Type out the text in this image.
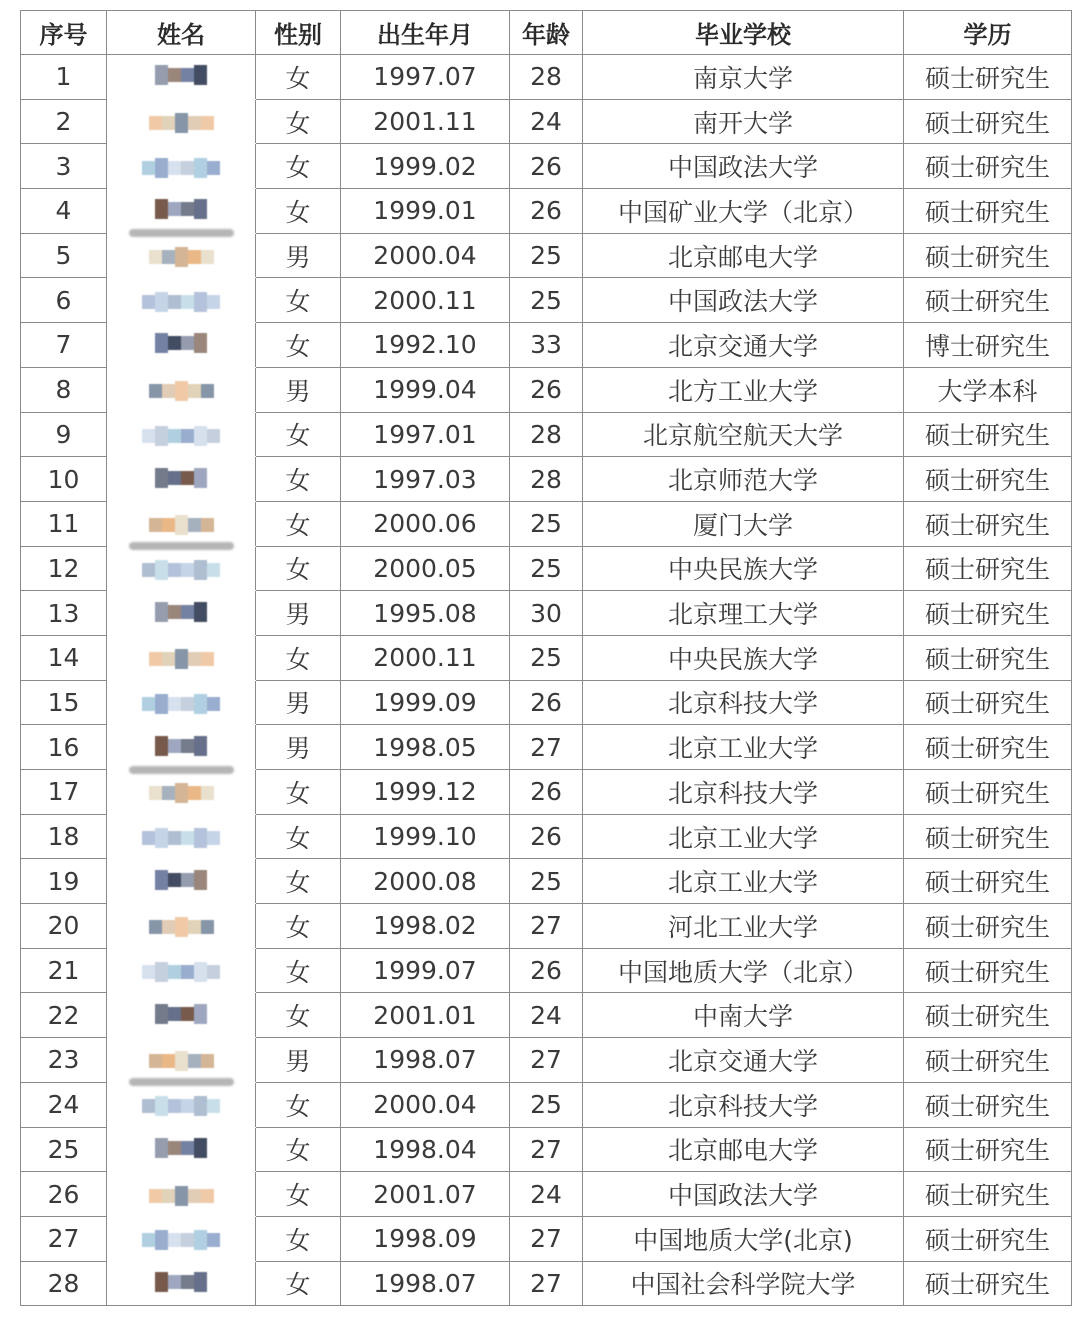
序号	姓名	性别	出生年月	年龄	毕业学校	学历
1		女	1997.07	28	南京大学	硕士研究生
2		女	2001.11	24	南开大学	硕士研究生
3		女	1999.02	26	中国政法大学	硕士研究生
4		女	1999.01	26	中国矿业大学（北京）	硕士研究生
5		男	2000.04	25	北京邮电大学	硕士研究生
6		女	2000.11	25	中国政法大学	硕士研究生
7		女	1992.10	33	北京交通大学	博士研究生
8		男	1999.04	26	北方工业大学	大学本科
9		女	1997.01	28	北京航空航天大学	硕士研究生
10		女	1997.03	28	北京师范大学	硕士研究生
11		女	2000.06	25	厦门大学	硕士研究生
12		女	2000.05	25	中央民族大学	硕士研究生
13		男	1995.08	30	北京理工大学	硕士研究生
14		女	2000.11	25	中央民族大学	硕士研究生
15		男	1999.09	26	北京科技大学	硕士研究生
16		男	1998.05	27	北京工业大学	硕士研究生
17		女	1999.12	26	北京科技大学	硕士研究生
18		女	1999.10	26	北京工业大学	硕士研究生
19		女	2000.08	25	北京工业大学	硕士研究生
20		女	1998.02	27	河北工业大学	硕士研究生
21		女	1999.07	26	中国地质大学（北京）	硕士研究生
22		女	2001.01	24	中南大学	硕士研究生
23		男	1998.07	27	北京交通大学	硕士研究生
24		女	2000.04	25	北京科技大学	硕士研究生
25		女	1998.04	27	北京邮电大学	硕士研究生
26		女	2001.07	24	中国政法大学	硕士研究生
27		女	1998.09	27	中国地质大学(北京)	硕士研究生
28		女	1998.07	27	中国社会科学院大学	硕士研究生
